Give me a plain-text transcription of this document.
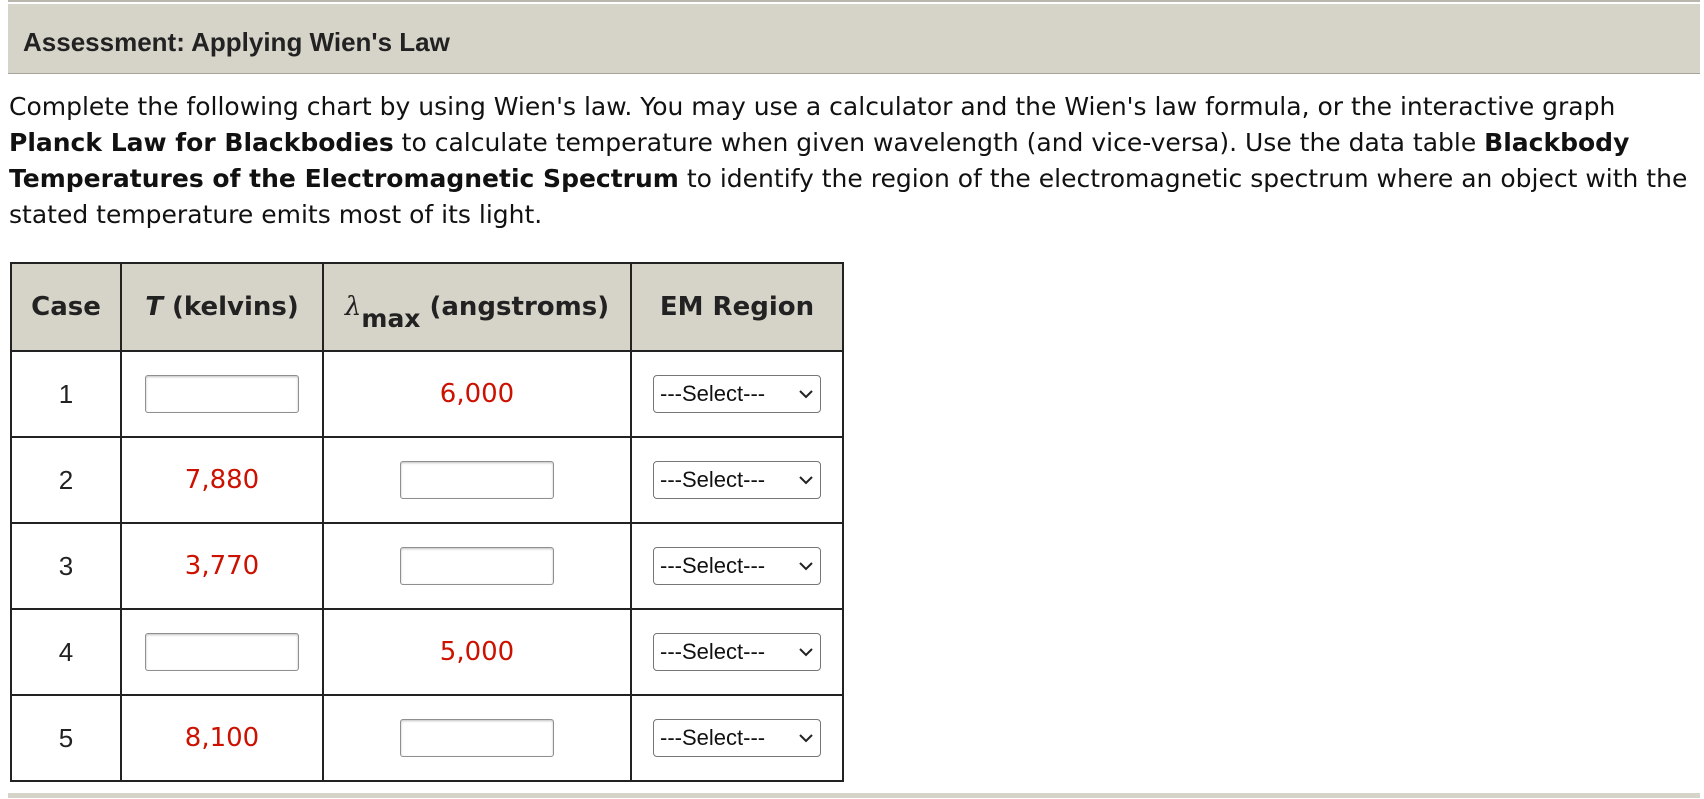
Assessment: Applying Wien's Law
Complete the following chart by using Wien's law. You may use a calculator and the Wien's law formula, or the interactive graph Planck Law for Blackbodies to calculate temperature when given wavelength (and vice-versa). Use the data table Blackbody Temperatures of the Electromagnetic Spectrum to identify the region of the electromagnetic spectrum where an object with the stated temperature emits most of its light.
Case	T (kelvins)	λmax (angstroms)	EM Region
1		6,000	---Select---

2	7,880		---Select---

3	3,770		---Select---

4		5,000	---Select---

5	8,100		---Select---
